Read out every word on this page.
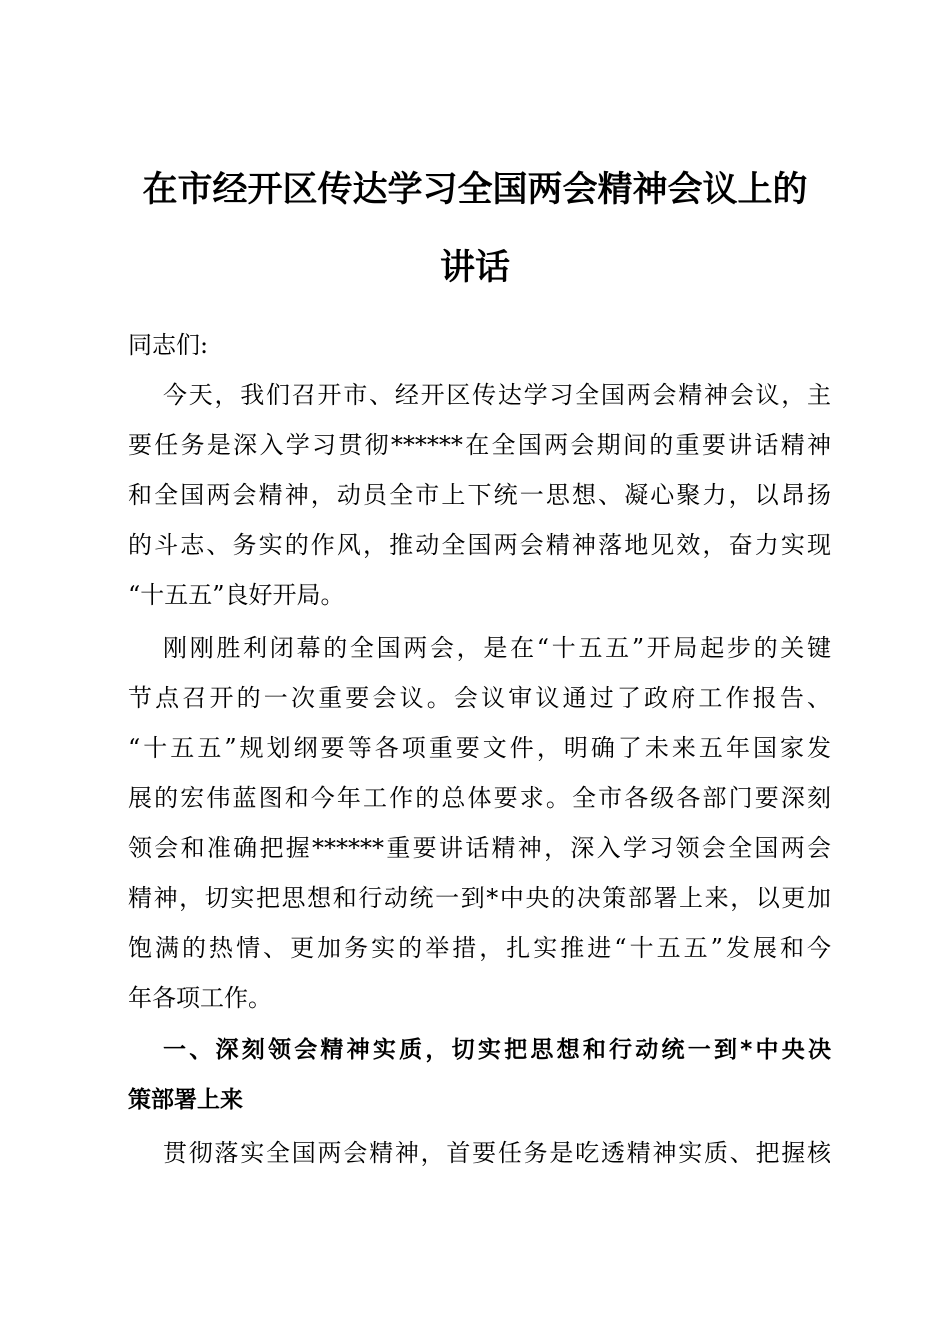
在市经开区传达学习全国两会精神会议上的
讲话

同志们:

今天，我们召开市、经开区传达学习全国两会精神会议，主

要任务是深入学习贯彻******在全国两会期间的重要讲话精神

和全国两会精神，动员全市上下统一思想、凝心聚力，以昂扬

的斗志、务实的作风，推动全国两会精神落地见效，奋力实现

“十五五”良好开局。

刚刚胜利闭幕的全国两会，是在“十五五”开局起步的关键

节点召开的一次重要会议。会议审议通过了政府工作报告、

“十五五”规划纲要等各项重要文件，明确了未来五年国家发

展的宏伟蓝图和今年工作的总体要求。全市各级各部门要深刻

领会和准确把握******重要讲话精神，深入学习领会全国两会

精神，切实把思想和行动统一到*中央的决策部署上来，以更加

饱满的热情、更加务实的举措，扎实推进“十五五”发展和今

年各项工作。

一、深刻领会精神实质，切实把思想和行动统一到*中央决

策部署上来

贯彻落实全国两会精神，首要任务是吃透精神实质、把握核
